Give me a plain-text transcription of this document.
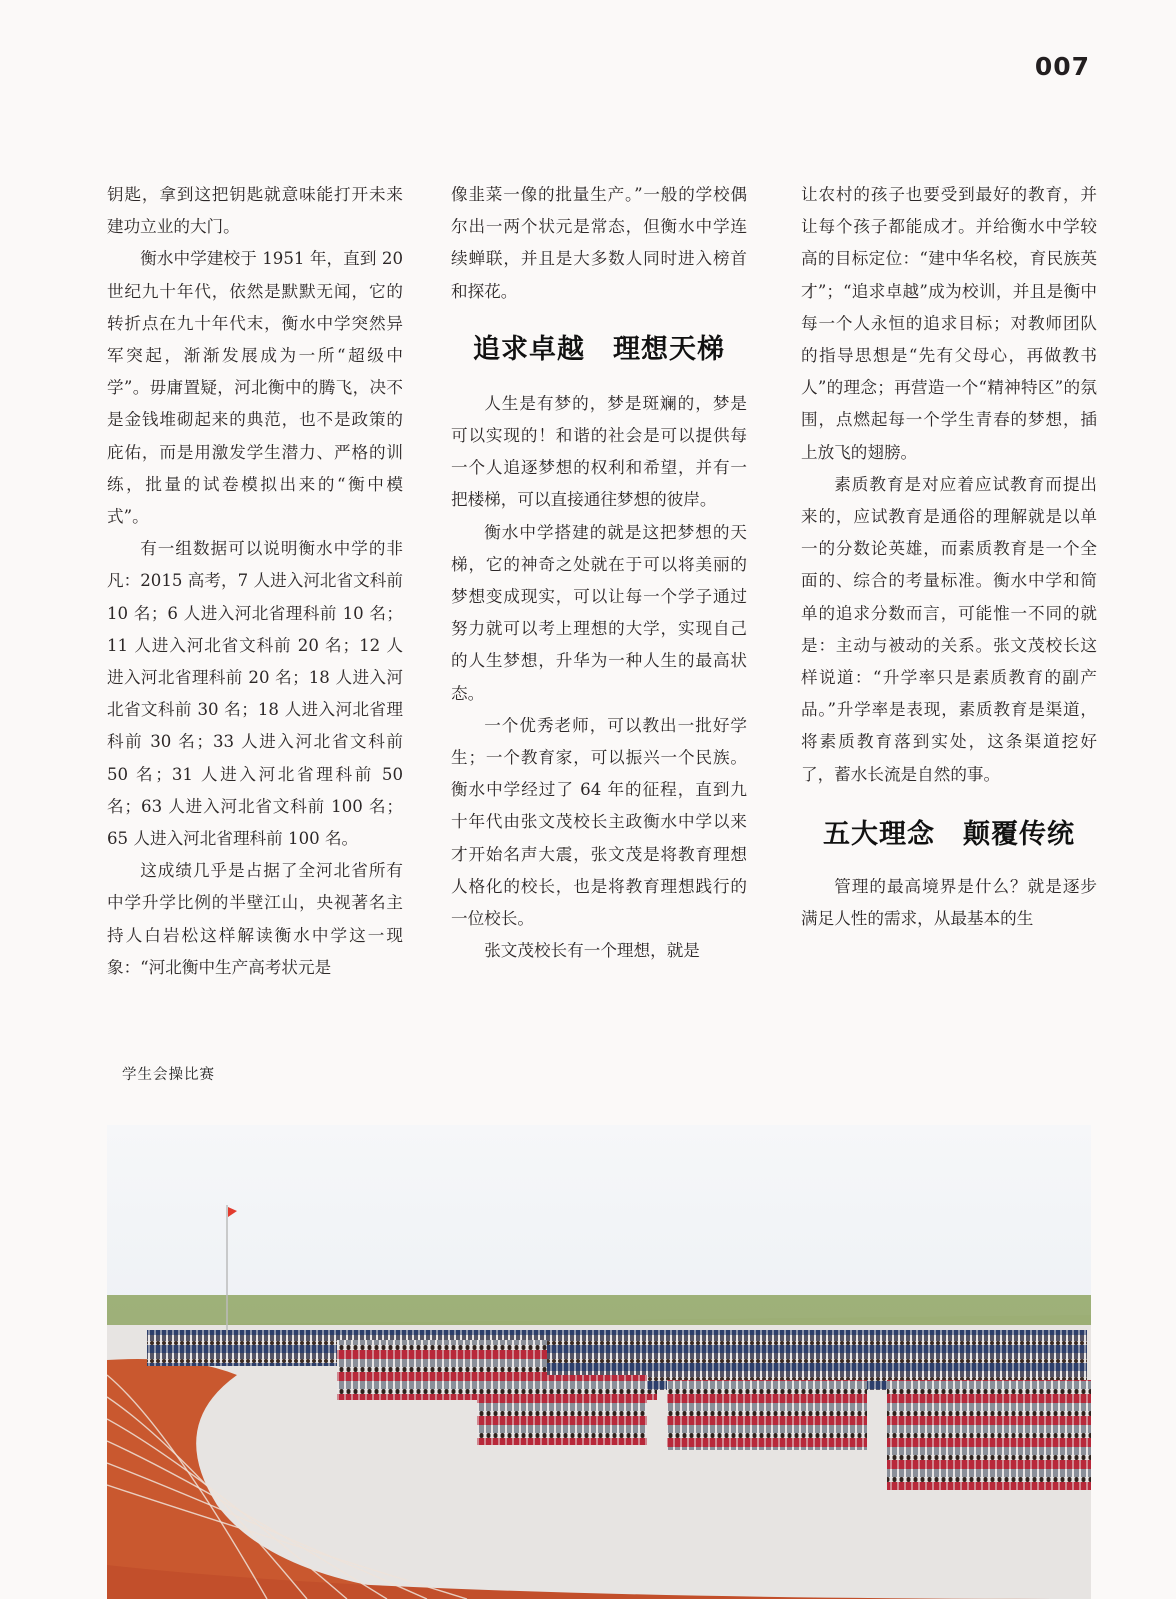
007

钥匙，拿到这把钥匙就意味能打开未来建功立业的大门。

衡水中学建校于 1951 年，直到 20 世纪九十年代，依然是默默无闻，它的转折点在九十年代末，衡水中学突然异军突起，渐渐发展成为一所“超级中学”。毋庸置疑，河北衡中的腾飞，决不是金钱堆砌起来的典范，也不是政策的庇佑，而是用激发学生潜力、严格的训练，批量的试卷模拟出来的“衡中模式”。

有一组数据可以说明衡水中学的非凡：2015 高考，7 人进入河北省文科前 10 名；6 人进入河北省理科前 10 名；11 人进入河北省文科前 20 名；12 人进入河北省理科前 20 名；18 人进入河北省文科前 30 名；18 人进入河北省理科前 30 名；33 人进入河北省文科前 50 名；31 人进入河北省理科前 50 名；63 人进入河北省文科前 100 名；65 人进入河北省理科前 100 名。

这成绩几乎是占据了全河北省所有中学升学比例的半壁江山，央视著名主持人白岩松这样解读衡水中学这一现象：“河北衡中生产高考状元是

像韭菜一像的批量生产。”一般的学校偶尔出一两个状元是常态，但衡水中学连续蝉联，并且是大多数人同时进入榜首和探花。

追求卓越　理想天梯

人生是有梦的，梦是斑斓的，梦是可以实现的！和谐的社会是可以提供每一个人追逐梦想的权利和希望，并有一把楼梯，可以直接通往梦想的彼岸。

衡水中学搭建的就是这把梦想的天梯，它的神奇之处就在于可以将美丽的梦想变成现实，可以让每一个学子通过努力就可以考上理想的大学，实现自己的人生梦想，升华为一种人生的最高状态。

一个优秀老师，可以教出一批好学生；一个教育家，可以振兴一个民族。衡水中学经过了 64 年的征程，直到九十年代由张文茂校长主政衡水中学以来才开始名声大震，张文茂是将教育理想人格化的校长，也是将教育理想践行的一位校长。

张文茂校长有一个理想，就是

让农村的孩子也要受到最好的教育，并让每个孩子都能成才。并给衡水中学较高的目标定位：“建中华名校，育民族英才”；“追求卓越”成为校训，并且是衡中每一个人永恒的追求目标；对教师团队的指导思想是“先有父母心，再做教书人”的理念；再营造一个“精神特区”的氛围，点燃起每一个学生青春的梦想，插上放飞的翅膀。

素质教育是对应着应试教育而提出来的，应试教育是通俗的理解就是以单一的分数论英雄，而素质教育是一个全面的、综合的考量标准。衡水中学和简单的追求分数而言，可能惟一不同的就是：主动与被动的关系。张文茂校长这样说道：“升学率只是素质教育的副产品。”升学率是表现，素质教育是渠道，将素质教育落到实处，这条渠道挖好了，蓄水长流是自然的事。

五大理念　颠覆传统

管理的最高境界是什么？就是逐步满足人性的需求，从最基本的生

学生会操比赛
